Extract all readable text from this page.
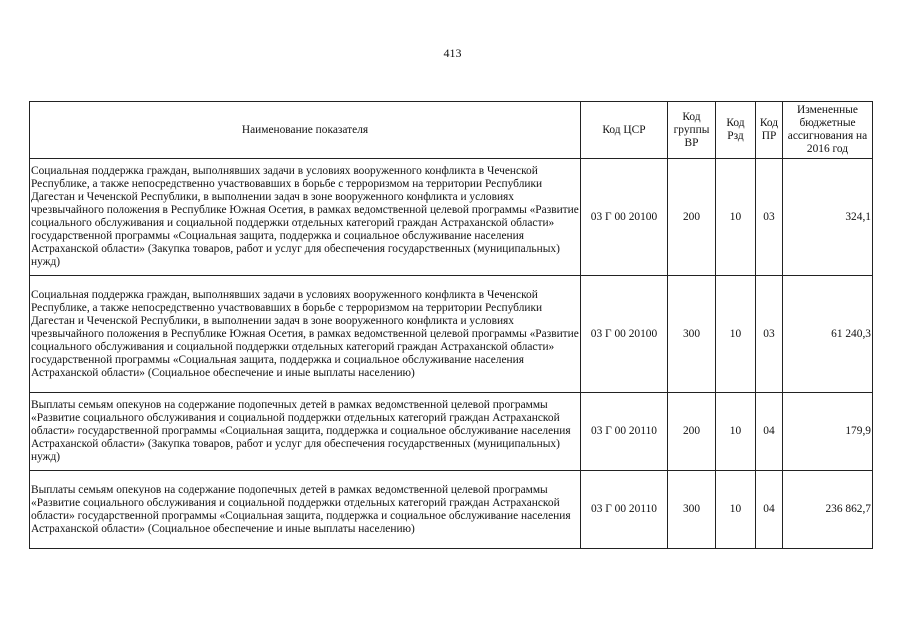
413
Наименование показателя	Код ЦСР	Код группы ВР	Код Рзд	Код ПР	Измененные бюджетные ассигнования на 2016 год
Социальная поддержка граждан, выполнявших задачи в условиях вооруженного конфликта в Чеченской Республике, а также непосредственно участвовавших в борьбе с терроризмом на территории Республики Дагестан и Чеченской Республики, в выполнении задач в зоне вооруженного конфликта и условиях чрезвычайного положения в Республике Южная Осетия, в рамках ведомственной целевой программы «Развитие социального обслуживания и социальной поддержки отдельных категорий граждан Астраханской области» государственной программы «Социальная защита, поддержка и социальное обслуживание населения Астраханской области» (Закупка товаров, работ и услуг для обеспечения государственных (муниципальных) нужд)	03 Г 00 20100	200	10	03	324,1
Социальная поддержка граждан, выполнявших задачи в условиях вооруженного конфликта в Чеченской Республике, а также непосредственно участвовавших в борьбе с терроризмом на территории Республики Дагестан и Чеченской Республики, в выполнении задач в зоне вооруженного конфликта и условиях чрезвычайного положения в Республике Южная Осетия, в рамках ведомственной целевой программы «Развитие социального обслуживания и социальной поддержки отдельных категорий граждан Астраханской области» государственной программы «Социальная защита, поддержка и социальное обслуживание населения Астраханской области» (Социальное обеспечение и иные выплаты населению)	03 Г 00 20100	300	10	03	61 240,3
Выплаты семьям опекунов на содержание подопечных детей в рамках ведомственной целевой программы «Развитие социального обслуживания и социальной поддержки отдельных категорий граждан Астраханской области» государственной программы «Социальная защита, поддержка и социальное обслуживание населения Астраханской области» (Закупка товаров, работ и услуг для обеспечения государственных (муниципальных) нужд)	03 Г 00 20110	200	10	04	179,9
Выплаты семьям опекунов на содержание подопечных детей в рамках ведомственной целевой программы «Развитие социального обслуживания и социальной поддержки отдельных категорий граждан Астраханской области» государственной программы «Социальная защита, поддержка и социальное обслуживание населения Астраханской области» (Социальное обеспечение и иные выплаты населению)	03 Г 00 20110	300	10	04	236 862,7
